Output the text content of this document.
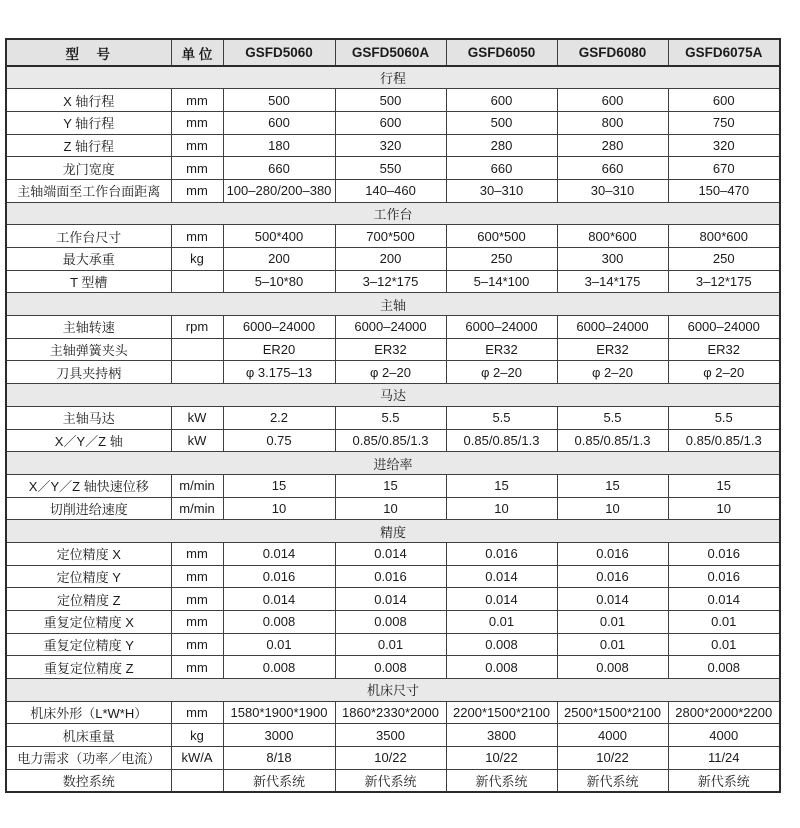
型　号	单 位	GSFD5060	GSFD5060A	GSFD6050	GSFD6080	GSFD6075A
行程						
X 轴行程	mm	500	500	600	600	600
Y 轴行程	mm	600	600	500	800	750
Z 轴行程	mm	180	320	280	280	320
龙门宽度	mm	660	550	660	660	670
主轴端面至工作台面距离	mm	100–280/200–380	140–460	30–310	30–310	150–470
工作台						
工作台尺寸	mm	500*400	700*500	600*500	800*600	800*600
最大承重	kg	200	200	250	300	250
T 型槽		5–10*80	3–12*175	5–14*100	3–14*175	3–12*175
主轴						
主轴转速	rpm	6000–24000	6000–24000	6000–24000	6000–24000	6000–24000
主轴弹簧夹头		ER20	ER32	ER32	ER32	ER32
刀具夹持柄		φ 3.175–13	φ 2–20	φ 2–20	φ 2–20	φ 2–20
马达						
主轴马达	kW	2.2	5.5	5.5	5.5	5.5
X／Y／Z 轴	kW	0.75	0.85/0.85/1.3	0.85/0.85/1.3	0.85/0.85/1.3	0.85/0.85/1.3
进给率						
X／Y／Z 轴快速位移	m/min	15	15	15	15	15
切削进给速度	m/min	10	10	10	10	10
精度						
定位精度 X	mm	0.014	0.014	0.016	0.016	0.016
定位精度 Y	mm	0.016	0.016	0.014	0.016	0.016
定位精度 Z	mm	0.014	0.014	0.014	0.014	0.014
重复定位精度 X	mm	0.008	0.008	0.01	0.01	0.01
重复定位精度 Y	mm	0.01	0.01	0.008	0.01	0.01
重复定位精度 Z	mm	0.008	0.008	0.008	0.008	0.008
机床尺寸						
机床外形（L*W*H）	mm	1580*1900*1900	1860*2330*2000	2200*1500*2100	2500*1500*2100	2800*2000*2200
机床重量	kg	3000	3500	3800	4000	4000
电力需求（功率／电流）	kW/A	8/18	10/22	10/22	10/22	11/24
数控系统		新代系统	新代系统	新代系统	新代系统	新代系统
